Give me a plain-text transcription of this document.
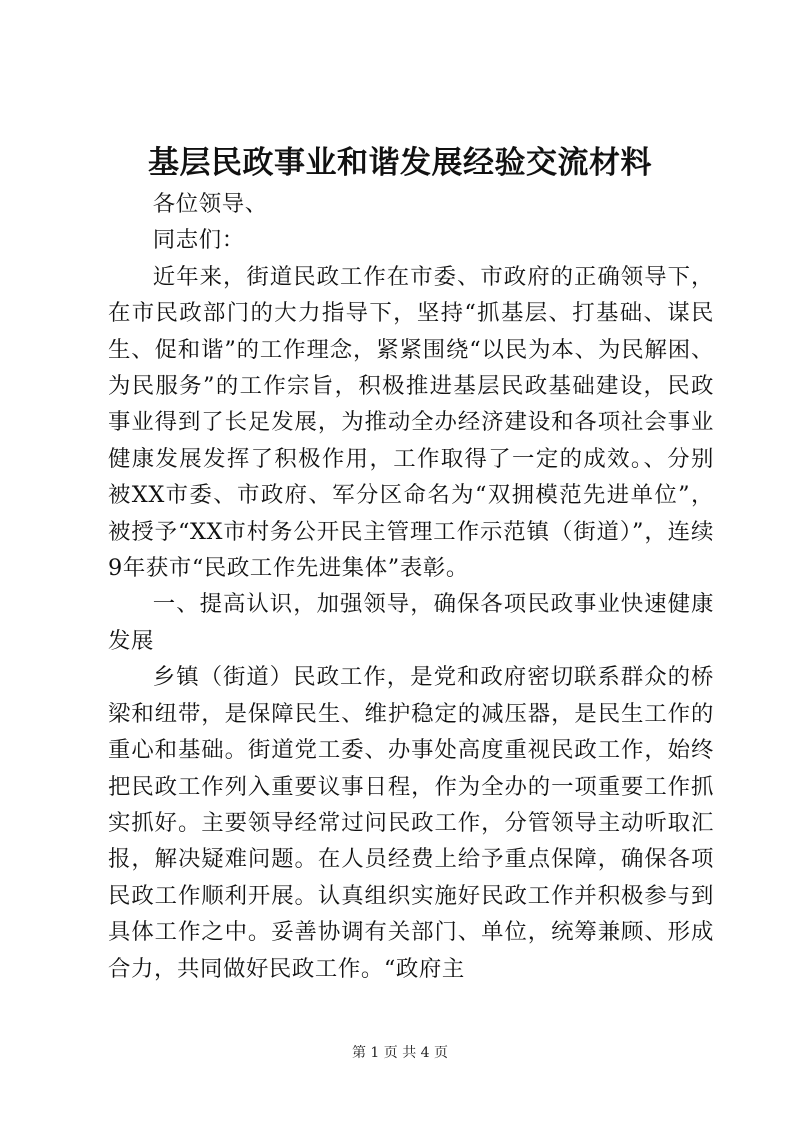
基层民政事业和谐发展经验交流材料

各位领导、

同志们：

近年来，街道民政工作在市委、市政府的正确领导下，在市民政部门的大力指导下，坚持“抓基层、打基础、谋民生、促和谐”的工作理念，紧紧围绕“以民为本、为民解困、为民服务”的工作宗旨，积极推进基层民政基础建设，民政事业得到了长足发展，为推动全办经济建设和各项社会事业健康发展发挥了积极作用，工作取得了一定的成效。、分别被XX市委、市政府、军分区命名为“双拥模范先进单位”，被授予“XX市村务公开民主管理工作示范镇（街道）”，连续9年获市“民政工作先进集体”表彰。

一、提高认识，加强领导，确保各项民政事业快速健康发展

乡镇（街道）民政工作，是党和政府密切联系群众的桥梁和纽带，是保障民生、维护稳定的减压器，是民生工作的重心和基础。街道党工委、办事处高度重视民政工作，始终把民政工作列入重要议事日程，作为全办的一项重要工作抓实抓好。主要领导经常过问民政工作，分管领导主动听取汇报，解决疑难问题。在人员经费上给予重点保障，确保各项民政工作顺利开展。认真组织实施好民政工作并积极参与到具体工作之中。妥善协调有关部门、单位，统筹兼顾、形成合力，共同做好民政工作。“政府主

第 1 页 共 4 页
